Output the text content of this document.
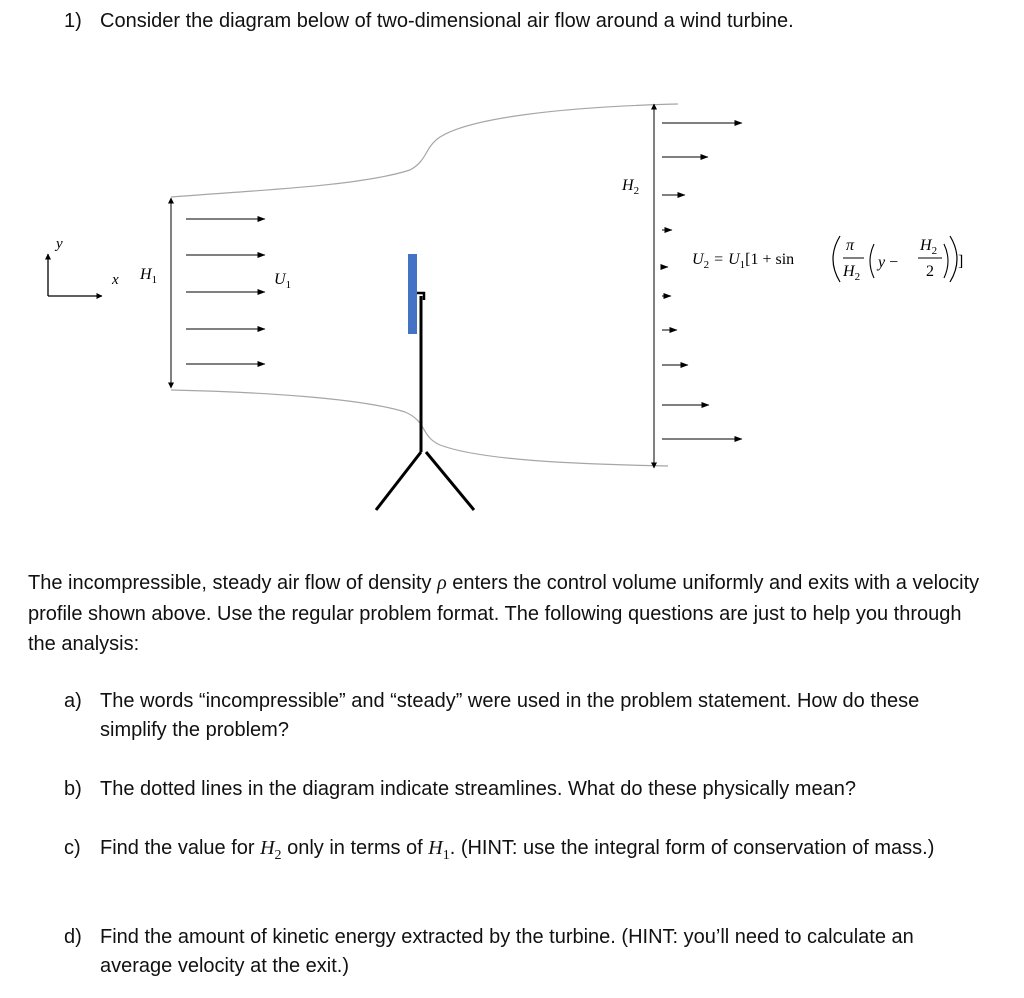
1) Consider the diagram below of two-dimensional air flow around a wind turbine.
y
x $H_1$	$U_1$
$H_2$
$U_2 = U_1[1 + \sin$
π
$H_2$
y −
$H_2$
2
]
The incompressible, steady air flow of density ρ enters the control volume uniformly and exits with a velocity profile shown above. Use the regular problem format. The following questions are just to help you through the analysis:
a) The words “incompressible” and “steady” were used in the problem statement. How do these simplify the problem?
b) The dotted lines in the diagram indicate streamlines. What do these physically mean?
c) Find the value for $H_2$ only in terms of $H_1$. (HINT: use the integral form of conservation of mass.)
d) Find the amount of kinetic energy extracted by the turbine. (HINT: you’ll need to calculate an average velocity at the exit.)
